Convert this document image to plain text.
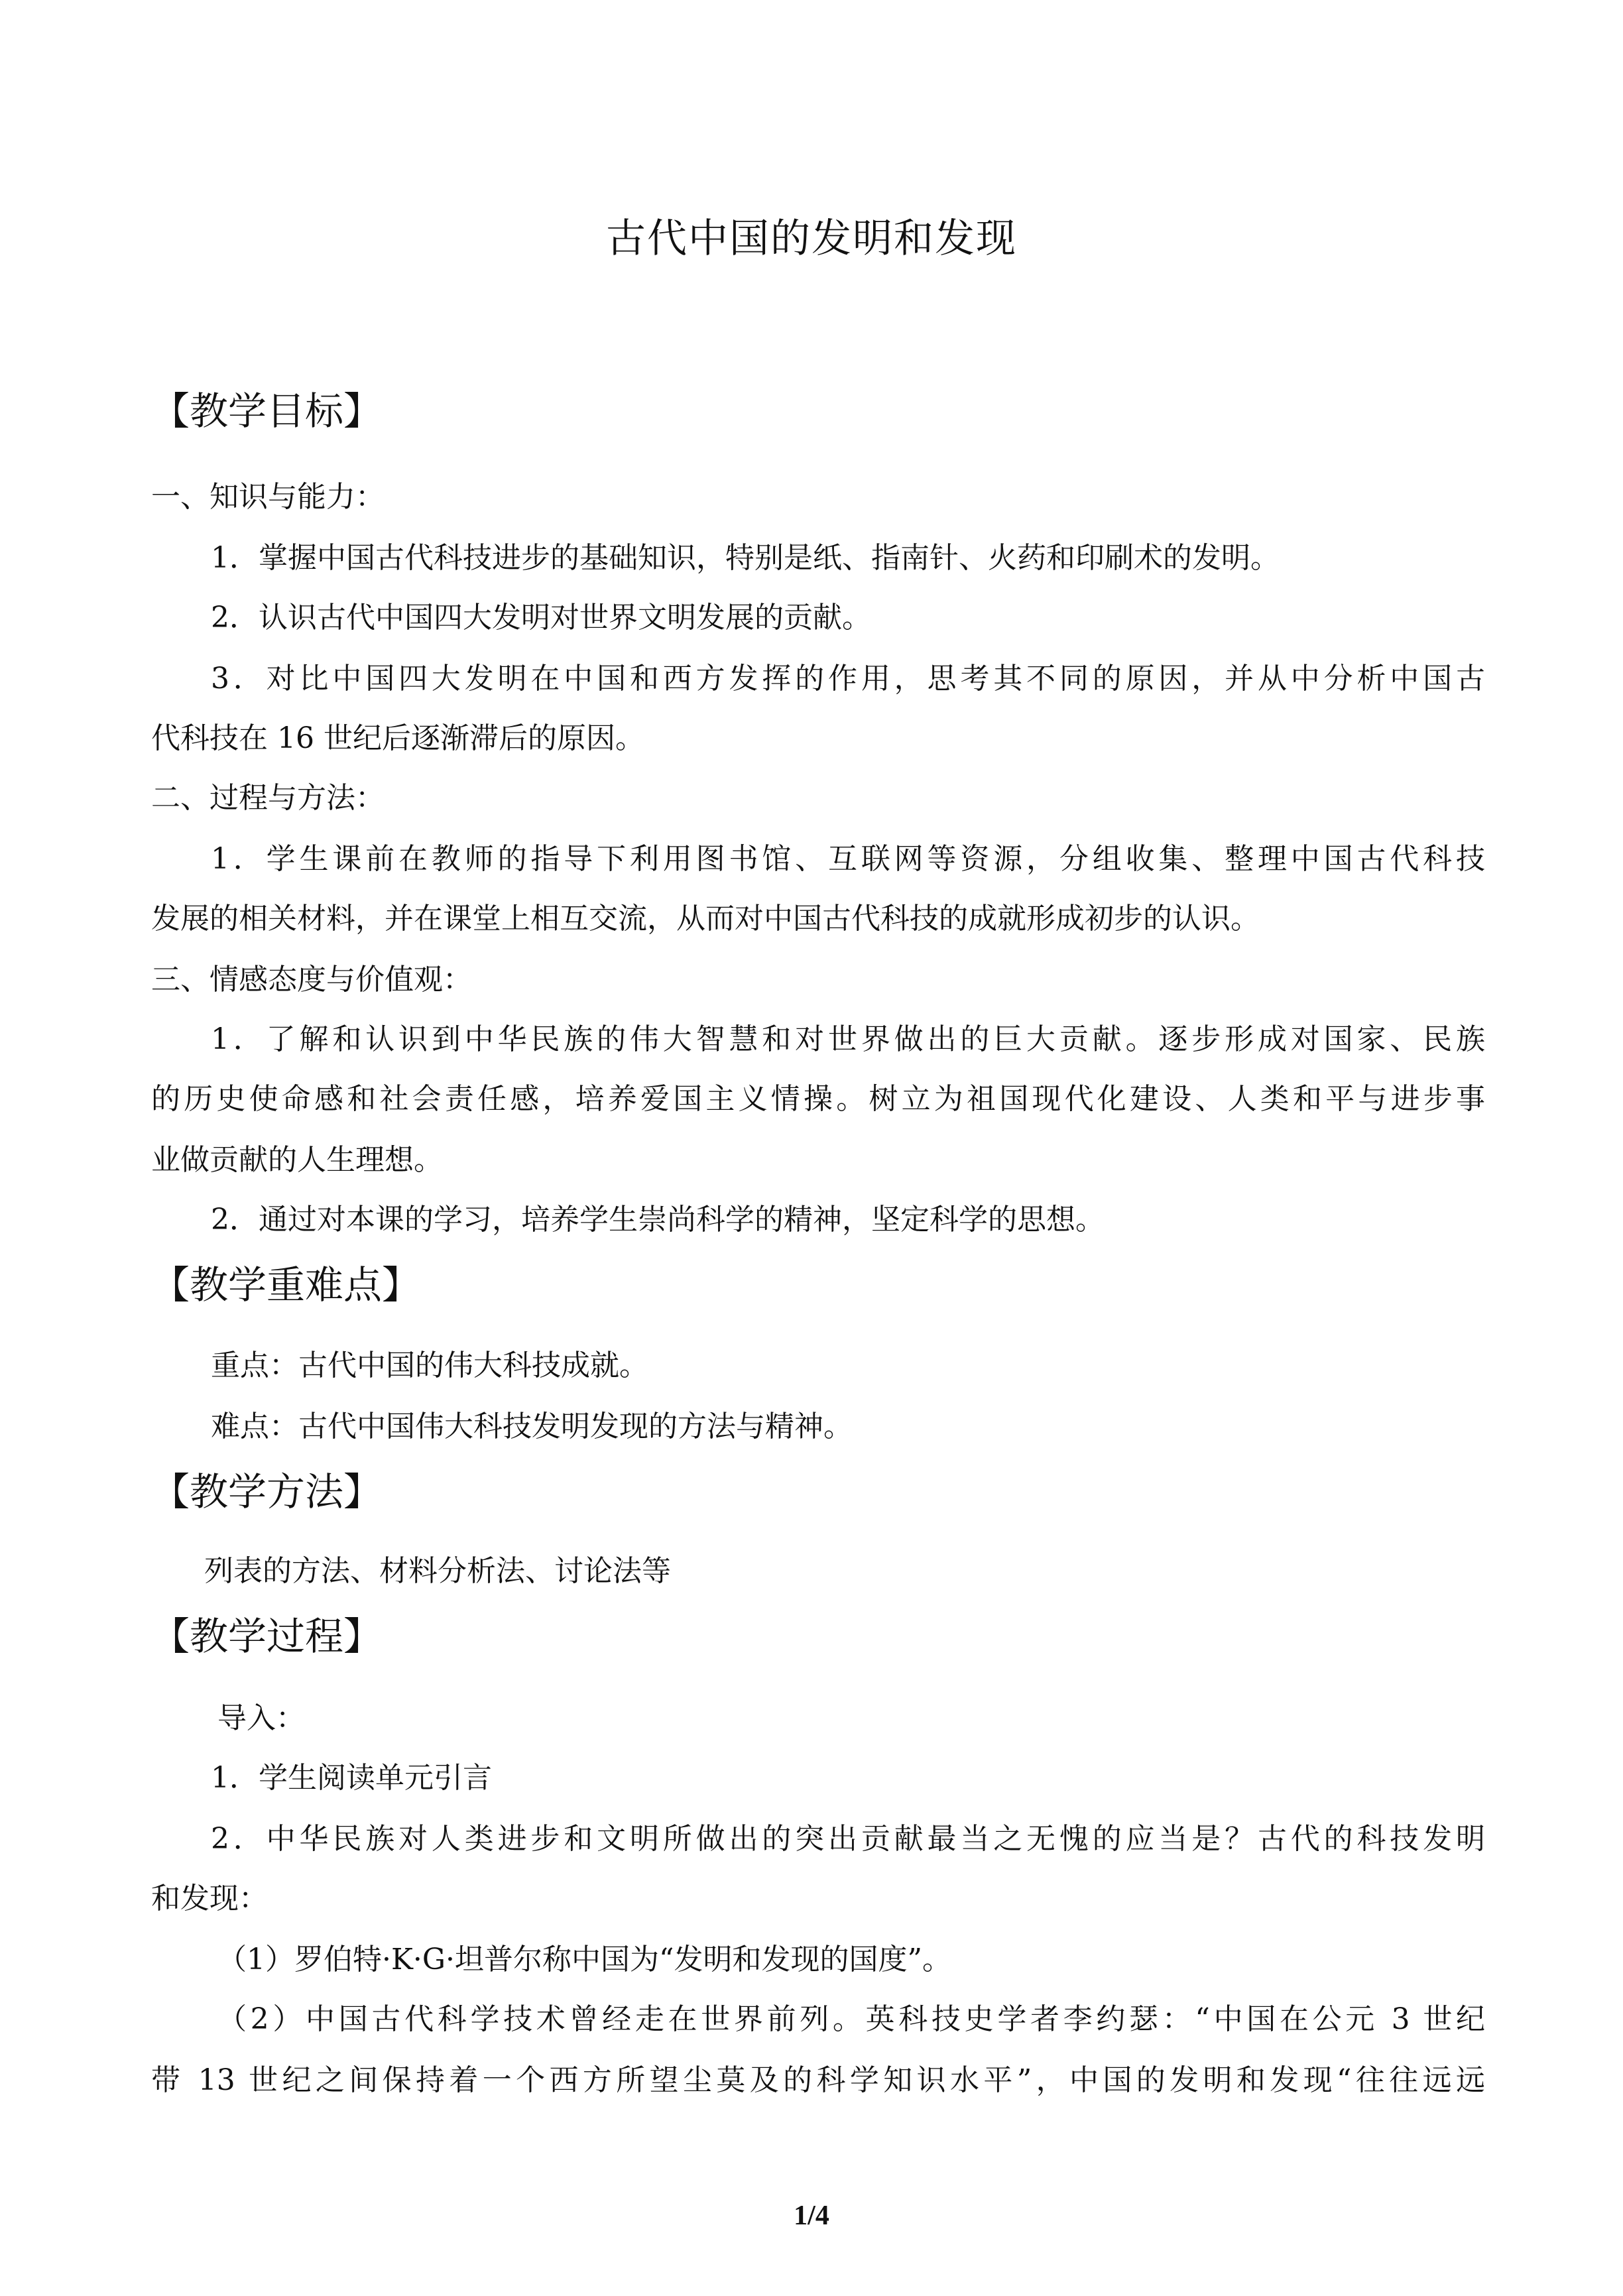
古代中国的发明和发现
【教学目标】
一、知识与能力：
1．掌握中国古代科技进步的基础知识，特别是纸、指南针、火药和印刷术的发明。
2．认识古代中国四大发明对世界文明发展的贡献。
3．对比中国四大发明在中国和西方发挥的作用，思考其不同的原因，并从中分析中国古
代科技在 16 世纪后逐渐滞后的原因。
二、过程与方法：
1．学生课前在教师的指导下利用图书馆、互联网等资源，分组收集、整理中国古代科技
发展的相关材料，并在课堂上相互交流，从而对中国古代科技的成就形成初步的认识。
三、情感态度与价值观：
1．了解和认识到中华民族的伟大智慧和对世界做出的巨大贡献。逐步形成对国家、民族
的历史使命感和社会责任感，培养爱国主义情操。树立为祖国现代化建设、人类和平与进步事
业做贡献的人生理想。
2．通过对本课的学习，培养学生崇尚科学的精神，坚定科学的思想。
【教学重难点】
重点：古代中国的伟大科技成就。
难点：古代中国伟大科技发明发现的方法与精神。
【教学方法】
列表的方法、材料分析法、讨论法等
【教学过程】
导入：
1．学生阅读单元引言
2．中华民族对人类进步和文明所做出的突出贡献最当之无愧的应当是？古代的科技发明
和发现：
（1）罗伯特·K·G·坦普尔称中国为“发明和发现的国度”。
（2）中国古代科学技术曾经走在世界前列。英科技史学者李约瑟：“中国在公元 3 世纪
带 13 世纪之间保持着一个西方所望尘莫及的科学知识水平”，中国的发明和发现“往往远远
1/4
